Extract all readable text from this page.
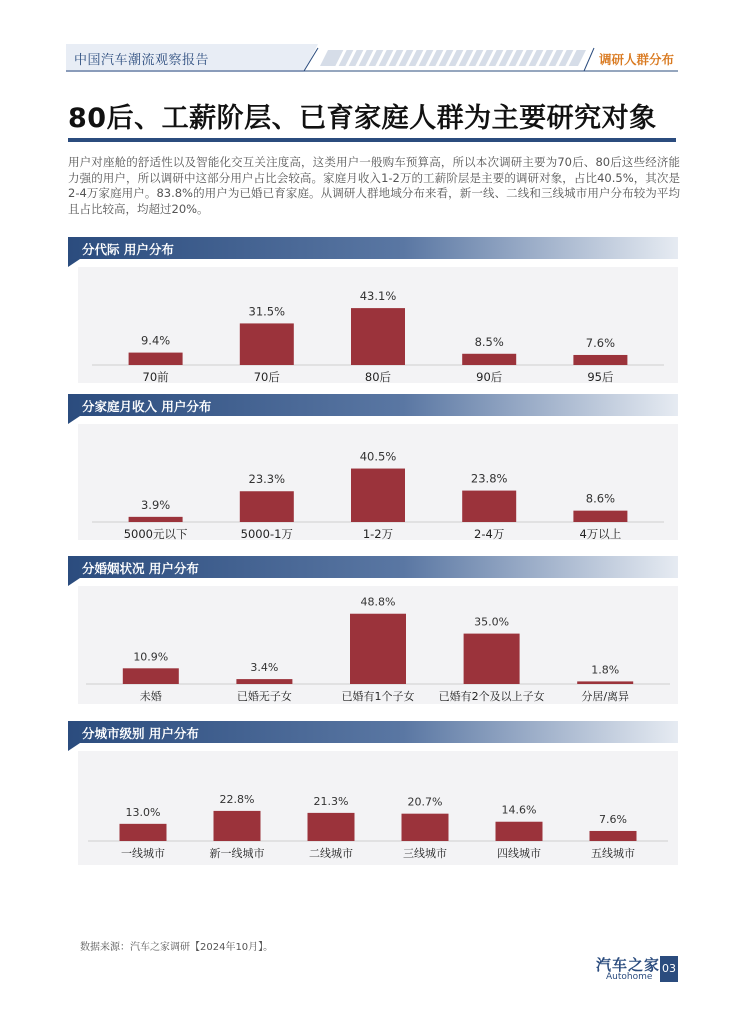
中国汽车潮流观察报告	调研人群分布
80后、工薪阶层、已育家庭人群为主要研究对象

用户对座舱的舒适性以及智能化交互关注度高，这类用户一般购车预算高，所以本次调研主要为70后、80后这些经济能力强的用户，所以调研中这部分用户占比会较高。家庭月收入1-2万的工薪阶层是主要的调研对象，占比40.5%，其次是2-4万家庭用户。83.8%的用户为已婚已育家庭。从调研人群地域分布来看，新一线、二线和三线城市用户分布较为平均且占比较高，均超过20%。

分代际 用户分布
9.4%
70前
31.5%
70后
43.1%
80后
8.5%
90后
7.6%
95后
分家庭月收入 用户分布
3.9%
5000元以下
23.3%
5000-1万
40.5%
1-2万
23.8%
2-4万
8.6%
4万以上
分婚姻状况 用户分布
10.9%
未婚
3.4%
已婚无子女
48.8%
已婚有1个子女
35.0%
已婚有2个及以上子女
1.8%
分居/离异
分城市级别 用户分布
13.0%
一线城市
22.8%
新一线城市
21.3%
二线城市
20.7%
三线城市
14.6%
四线城市
7.6%
五线城市
数据来源：汽车之家调研【2024年10月】。
汽车之家
Autohome
03
